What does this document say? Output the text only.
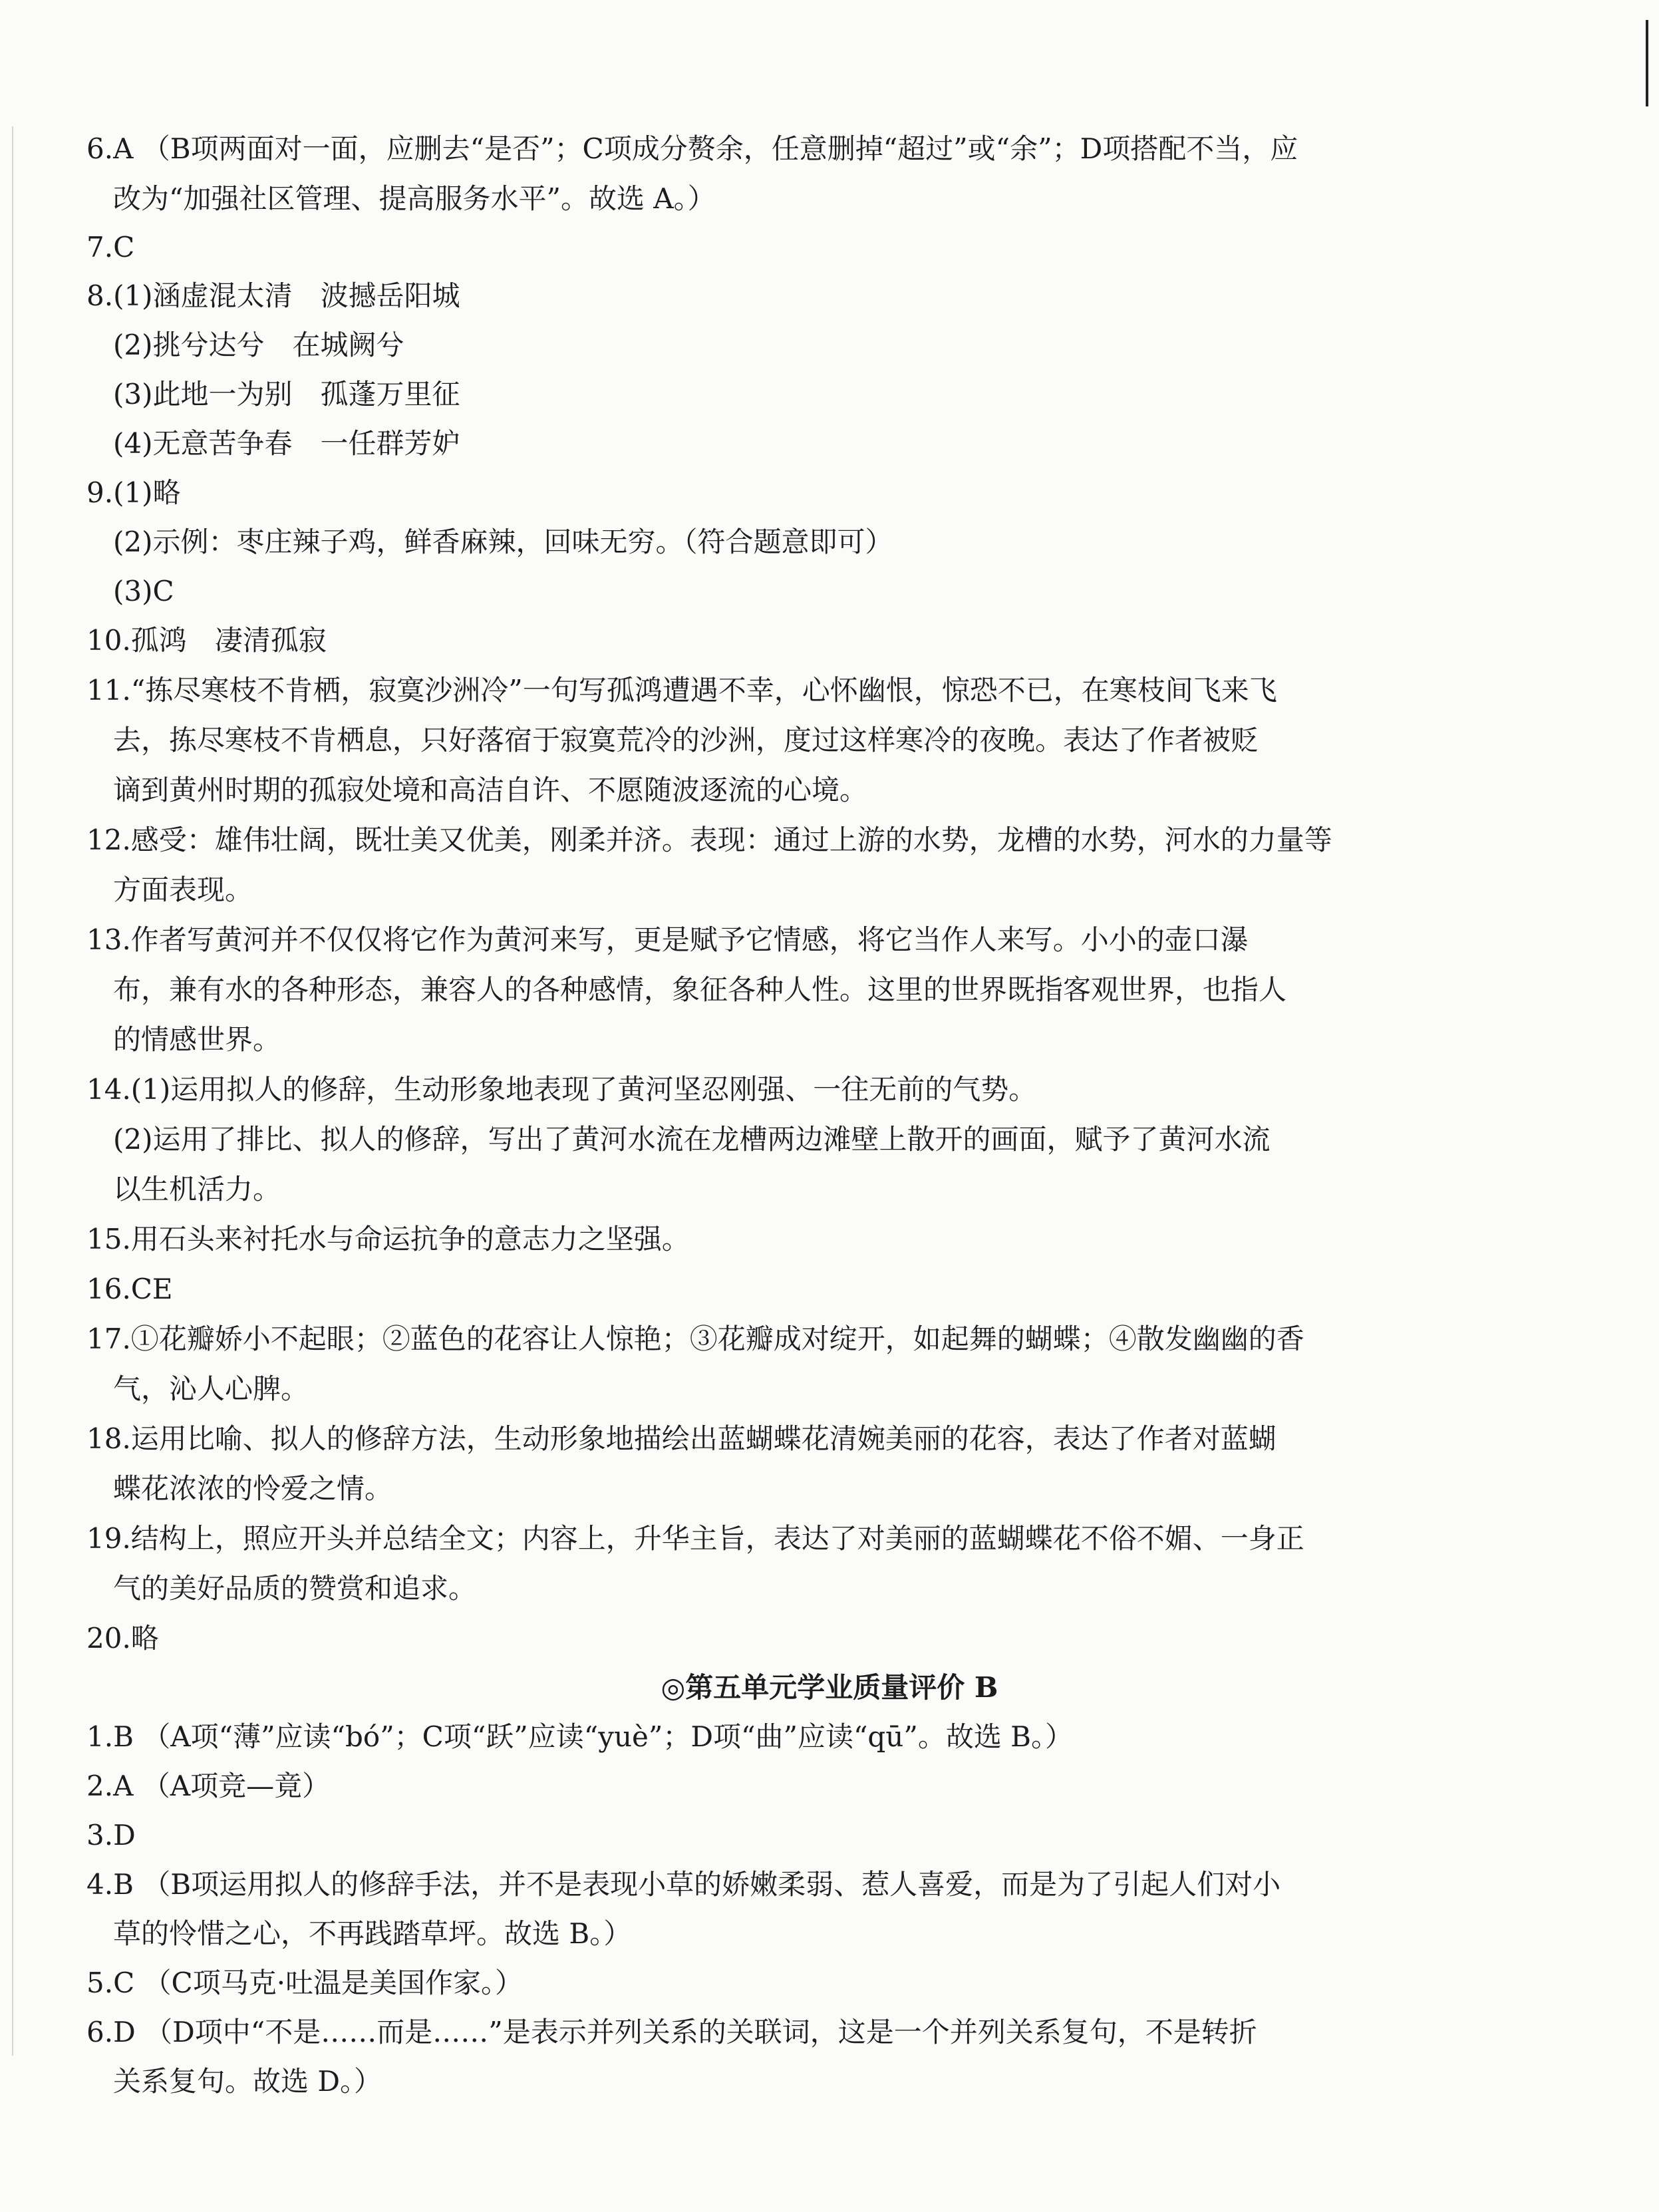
6.A （B项两面对一面，应删去“是否”；C项成分赘余，任意删掉“超过”或“余”；D项搭配不当，应
改为“加强社区管理、提高服务水平”。故选 A。）
7.C
8.(1)涵虚混太清　波撼岳阳城
(2)挑兮达兮　在城阙兮
(3)此地一为别　孤蓬万里征
(4)无意苦争春　一任群芳妒
9.(1)略
(2)示例：枣庄辣子鸡，鲜香麻辣，回味无穷。（符合题意即可）
(3)C
10.孤鸿　凄清孤寂
11.“拣尽寒枝不肯栖，寂寞沙洲冷”一句写孤鸿遭遇不幸，心怀幽恨，惊恐不已，在寒枝间飞来飞
去，拣尽寒枝不肯栖息，只好落宿于寂寞荒冷的沙洲，度过这样寒冷的夜晚。表达了作者被贬
谪到黄州时期的孤寂处境和高洁自许、不愿随波逐流的心境。
12.感受：雄伟壮阔，既壮美又优美，刚柔并济。表现：通过上游的水势，龙槽的水势，河水的力量等
方面表现。
13.作者写黄河并不仅仅将它作为黄河来写，更是赋予它情感，将它当作人来写。小小的壶口瀑
布，兼有水的各种形态，兼容人的各种感情，象征各种人性。这里的世界既指客观世界，也指人
的情感世界。
14.(1)运用拟人的修辞，生动形象地表现了黄河坚忍刚强、一往无前的气势。
(2)运用了排比、拟人的修辞，写出了黄河水流在龙槽两边滩壁上散开的画面，赋予了黄河水流
以生机活力。
15.用石头来衬托水与命运抗争的意志力之坚强。
16.CE
17.①花瓣娇小不起眼；②蓝色的花容让人惊艳；③花瓣成对绽开，如起舞的蝴蝶；④散发幽幽的香
气，沁人心脾。
18.运用比喻、拟人的修辞方法，生动形象地描绘出蓝蝴蝶花清婉美丽的花容，表达了作者对蓝蝴
蝶花浓浓的怜爱之情。
19.结构上，照应开头并总结全文；内容上，升华主旨，表达了对美丽的蓝蝴蝶花不俗不媚、一身正
气的美好品质的赞赏和追求。
20.略
◎第五单元学业质量评价 B
1.B （A项“薄”应读“bó”；C项“跃”应读“yuè”；D项“曲”应读“qū”。故选 B。）
2.A （A项竞—竟）
3.D
4.B （B项运用拟人的修辞手法，并不是表现小草的娇嫩柔弱、惹人喜爱，而是为了引起人们对小
草的怜惜之心，不再践踏草坪。故选 B。）
5.C （C项马克·吐温是美国作家。）
6.D （D项中“不是……而是……”是表示并列关系的关联词，这是一个并列关系复句，不是转折
关系复句。故选 D。）
